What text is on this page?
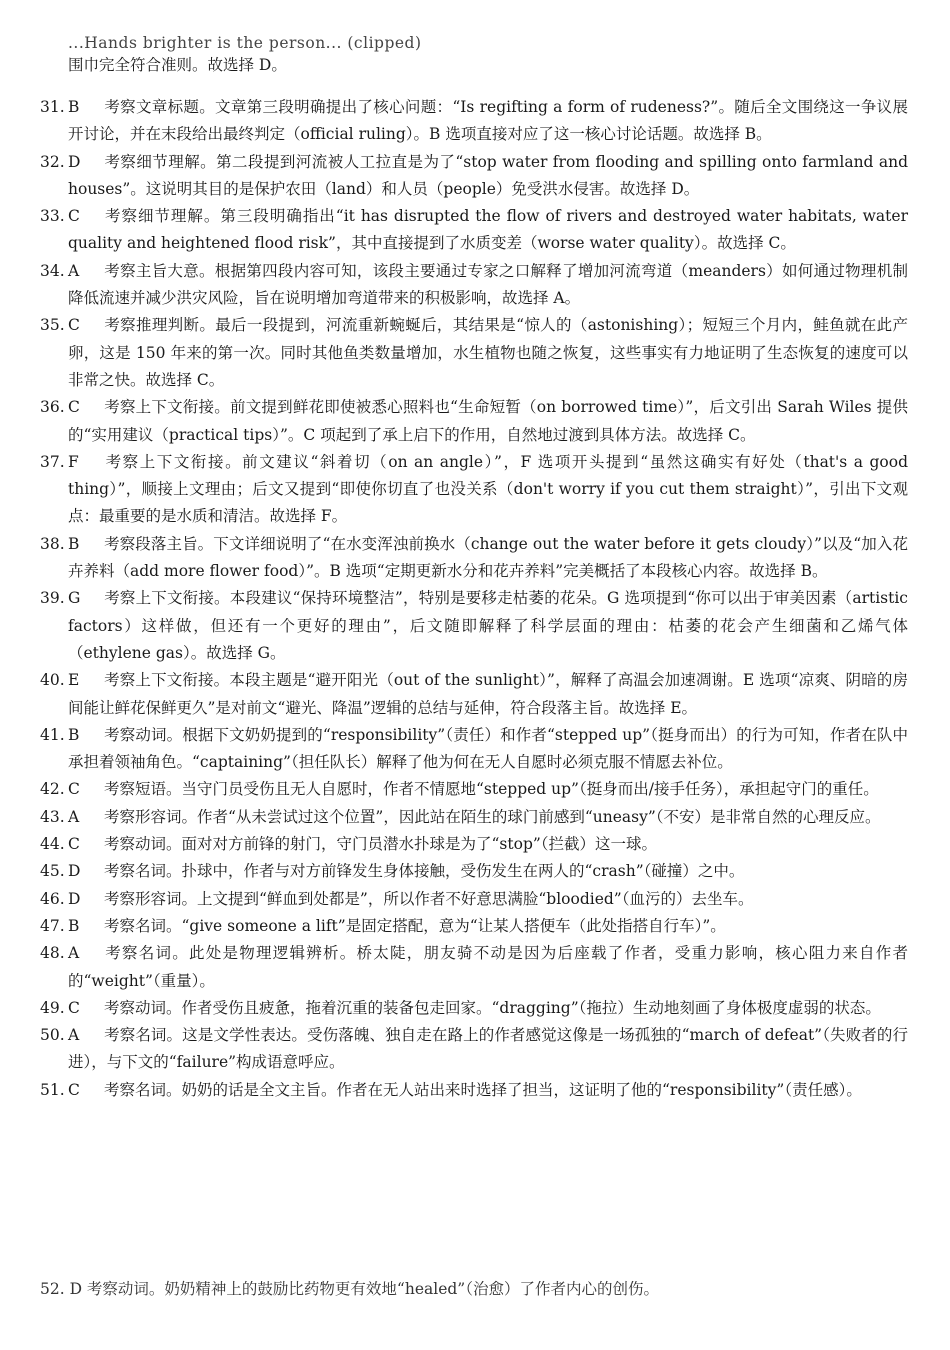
...Hands brighter is the person... (clipped)
围巾完全符合准则。故选择 D。
31. B 考察文章标题。文章第三段明确提出了核心问题：“Is regifting a form of rudeness?”。随后全文围绕这一争议展开讨论，并在末段给出最终判定（official ruling）。B 选项直接对应了这一核心讨论话题。故选择 B。
32. D 考察细节理解。第二段提到河流被人工拉直是为了“stop water from flooding and spilling onto farmland and houses”。这说明其目的是保护农田（land）和人员（people）免受洪水侵害。故选择 D。
33. C 考察细节理解。第三段明确指出“it has disrupted the flow of rivers and destroyed water habitats, water quality and heightened flood risk”，其中直接提到了水质变差（worse water quality）。故选择 C。
34. A 考察主旨大意。根据第四段内容可知，该段主要通过专家之口解释了增加河流弯道（meanders）如何通过物理机制降低流速并减少洪灾风险，旨在说明增加弯道带来的积极影响，故选择 A。
35. C 考察推理判断。最后一段提到，河流重新蜿蜒后，其结果是“惊人的（astonishing）；短短三个月内，鲑鱼就在此产卵，这是 150 年来的第一次。同时其他鱼类数量增加，水生植物也随之恢复，这些事实有力地证明了生态恢复的速度可以非常之快。故选择 C。
36. C 考察上下文衔接。前文提到鲜花即使被悉心照料也“生命短暂（on borrowed time）”，后文引出 Sarah Wiles 提供的“实用建议（practical tips）”。C 项起到了承上启下的作用，自然地过渡到具体方法。故选择 C。
37. F 考察上下文衔接。前文建议“斜着切（on an angle）”，F 选项开头提到“虽然这确实有好处（that's a good thing）”，顺接上文理由；后文又提到“即使你切直了也没关系（don't worry if you cut them straight）”，引出下文观点：最重要的是水质和清洁。故选择 F。
38. B 考察段落主旨。下文详细说明了“在水变浑浊前换水（change out the water before it gets cloudy）”以及“加入花卉养料（add more flower food）”。B 选项“定期更新水分和花卉养料”完美概括了本段核心内容。故选择 B。
39. G 考察上下文衔接。本段建议“保持环境整洁”，特别是要移走枯萎的花朵。G 选项提到“你可以出于审美因素（artistic factors）这样做，但还有一个更好的理由”，后文随即解释了科学层面的理由：枯萎的花会产生细菌和乙烯气体（ethylene gas）。故选择 G。
40. E 考察上下文衔接。本段主题是“避开阳光（out of the sunlight）”，解释了高温会加速凋谢。E 选项“凉爽、阴暗的房间能让鲜花保鲜更久”是对前文“避光、降温”逻辑的总结与延伸，符合段落主旨。故选择 E。
41. B 考察动词。根据下文奶奶提到的“responsibility”（责任）和作者“stepped up”（挺身而出）的行为可知，作者在队中承担着领袖角色。“captaining”（担任队长）解释了他为何在无人自愿时必须克服不情愿去补位。
42. C 考察短语。当守门员受伤且无人自愿时，作者不情愿地“stepped up”（挺身而出/接手任务），承担起守门的重任。
43. A 考察形容词。作者“从未尝试过这个位置”，因此站在陌生的球门前感到“uneasy”（不安）是非常自然的心理反应。
44. C 考察动词。面对对方前锋的射门，守门员潜水扑球是为了“stop”（拦截）这一球。
45. D 考察名词。扑球中，作者与对方前锋发生身体接触，受伤发生在两人的“crash”（碰撞）之中。
46. D 考察形容词。上文提到“鲜血到处都是”，所以作者不好意思满脸“bloodied”（血污的）去坐车。
47. B 考察名词。“give someone a lift”是固定搭配，意为“让某人搭便车（此处指搭自行车）”。
48. A 考察名词。此处是物理逻辑辨析。桥太陡，朋友骑不动是因为后座载了作者，受重力影响，核心阻力来自作者的“weight”（重量）。
49. C 考察动词。作者受伤且疲惫，拖着沉重的装备包走回家。“dragging”（拖拉）生动地刻画了身体极度虚弱的状态。
50. A 考察名词。这是文学性表达。受伤落魄、独自走在路上的作者感觉这像是一场孤独的“march of defeat”（失败者的行进），与下文的“failure”构成语意呼应。
51. C 考察名词。奶奶的话是全文主旨。作者在无人站出来时选择了担当，这证明了他的“responsibility”（责任感）。
52. D 考察动词。奶奶精神上的鼓励比药物更有效地“healed”（治愈）了作者内心的创伤。
